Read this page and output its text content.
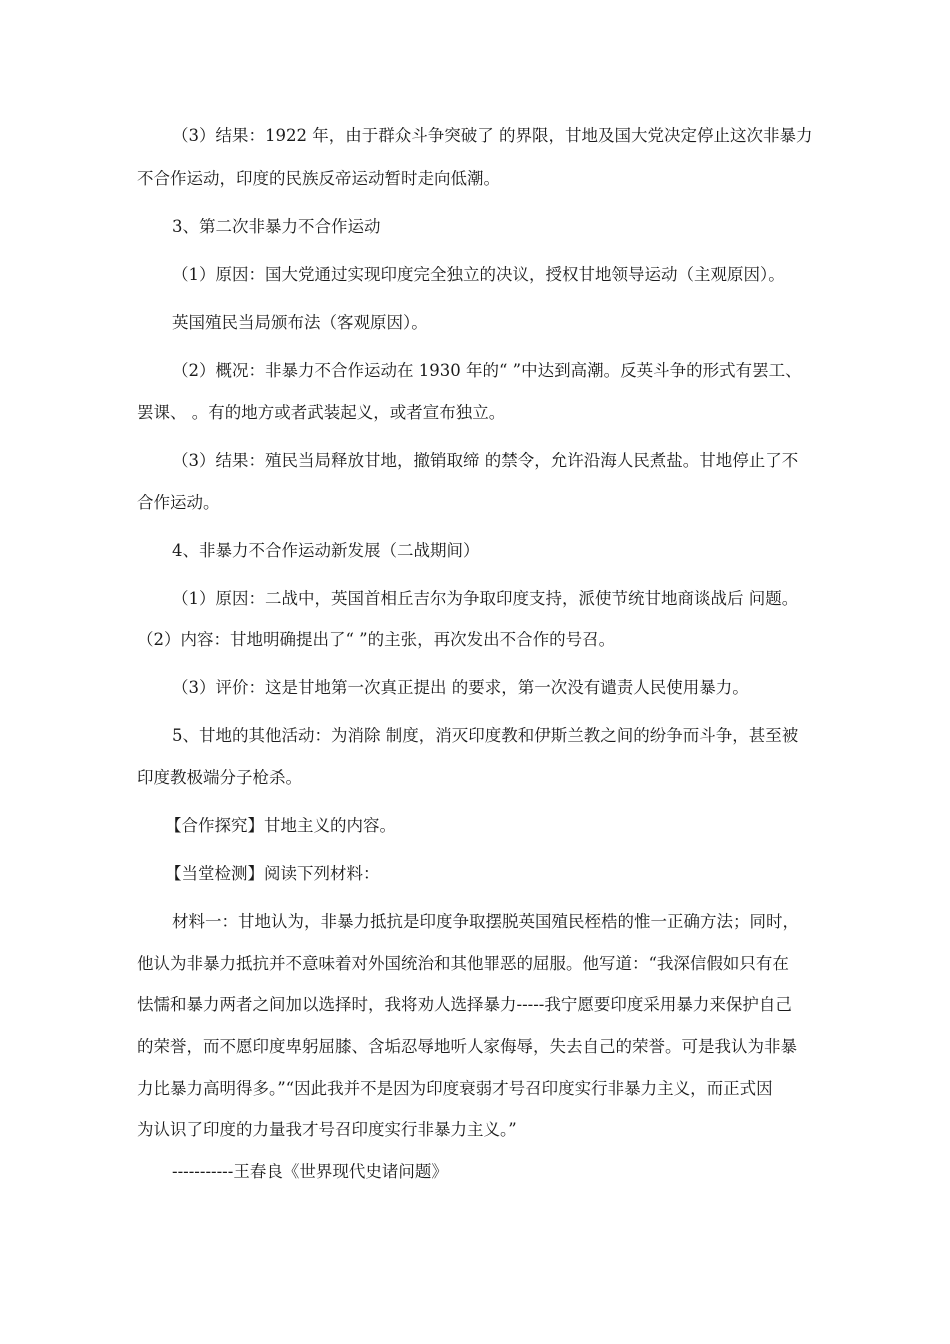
（3）结果：1922 年，由于群众斗争突破了 的界限，甘地及国大党决定停止这次非暴力
不合作运动，印度的民族反帝运动暂时走向低潮。
3、第二次非暴力不合作运动
（1）原因：国大党通过实现印度完全独立的决议，授权甘地领导运动（主观原因）。
英国殖民当局颁布法（客观原因）。
（2）概况：非暴力不合作运动在 1930 年的“ ”中达到高潮。反英斗争的形式有罢工、
罢课、 。有的地方或者武装起义，或者宣布独立。
（3）结果：殖民当局释放甘地，撤销取缔 的禁令，允许沿海人民煮盐。甘地停止了不
合作运动。
4、非暴力不合作运动新发展（二战期间）
（1）原因：二战中，英国首相丘吉尔为争取印度支持，派使节统甘地商谈战后 问题。
（2）内容：甘地明确提出了“ ”的主张，再次发出不合作的号召。
（3）评价：这是甘地第一次真正提出 的要求，第一次没有谴责人民使用暴力。
5、甘地的其他活动：为消除 制度，消灭印度教和伊斯兰教之间的纷争而斗争，甚至被
印度教极端分子枪杀。
【合作探究】甘地主义的内容。
【当堂检测】阅读下列材料：
材料一：甘地认为，非暴力抵抗是印度争取摆脱英国殖民桎梏的惟一正确方法；同时，
他认为非暴力抵抗并不意味着对外国统治和其他罪恶的屈服。他写道：“我深信假如只有在
怯懦和暴力两者之间加以选择时，我将劝人选择暴力-----我宁愿要印度采用暴力来保护自己
的荣誉，而不愿印度卑躬屈膝、含垢忍辱地听人家侮辱，失去自己的荣誉。可是我认为非暴
力比暴力高明得多。”“因此我并不是因为印度衰弱才号召印度实行非暴力主义，而正式因
为认识了印度的力量我才号召印度实行非暴力主义。”
-----------王春良《世界现代史诸问题》
